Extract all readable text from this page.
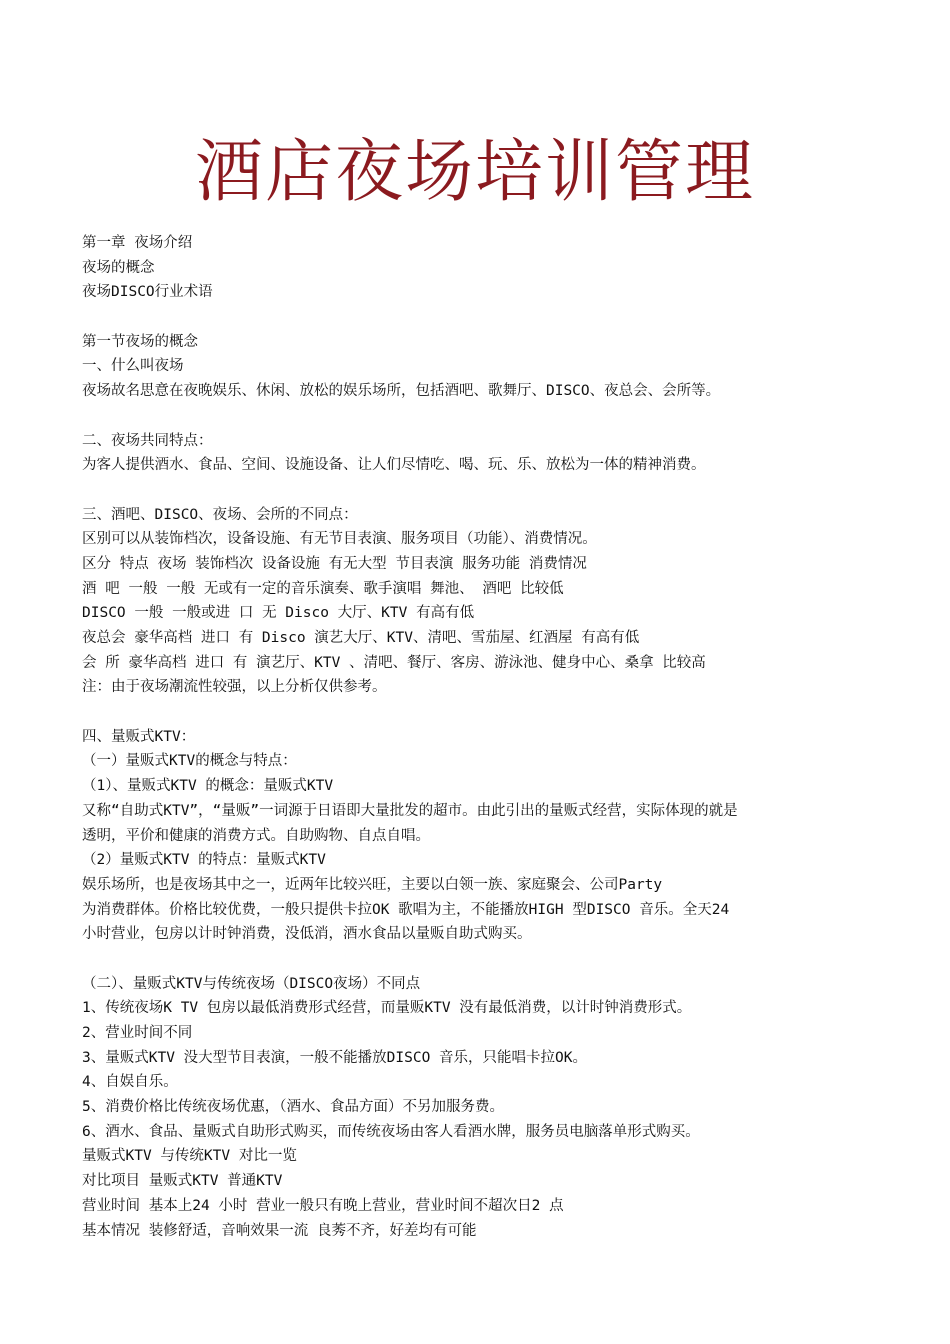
酒店夜场培训管理
第一章 夜场介绍
夜场的概念
夜场DISCO行业术语
第一节夜场的概念
一、什么叫夜场
夜场故名思意在夜晚娱乐、休闲、放松的娱乐场所，包括酒吧、歌舞厅、DISCO、夜总会、会所等。
二、夜场共同特点：
为客人提供酒水、食品、空间、设施设备、让人们尽情吃、喝、玩、乐、放松为一体的精神消费。
三、酒吧、DISCO、夜场、会所的不同点：
区别可以从装饰档次，设备设施、有无节目表演、服务项目（功能）、消费情况。
区分 特点 夜场 装饰档次 设备设施 有无大型 节目表演 服务功能 消费情况
酒 吧 一般 一般 无或有一定的音乐演奏、歌手演唱 舞池、 酒吧 比较低
DISCO 一般 一般或进 口 无 Disco 大厅、KTV 有高有低
夜总会 豪华高档 进口 有 Disco 演艺大厅、KTV、清吧、雪茄屋、红酒屋 有高有低
会 所 豪华高档 进口 有 演艺厅、KTV 、清吧、餐厅、客房、游泳池、健身中心、桑拿 比较高
注：由于夜场潮流性较强，以上分析仅供参考。
四、量贩式KTV：
（一）量贩式KTV的概念与特点：
（1）、量贩式KTV 的概念：量贩式KTV
又称“自助式KTV”，“量贩”一词源于日语即大量批发的超市。由此引出的量贩式经营，实际体现的就是
透明，平价和健康的消费方式。自助购物、自点自唱。
（2）量贩式KTV 的特点：量贩式KTV
娱乐场所，也是夜场其中之一，近两年比较兴旺，主要以白领一族、家庭聚会、公司Party
为消费群体。价格比较优费，一般只提供卡拉OK 歌唱为主，不能播放HIGH 型DISCO 音乐。全天24
小时营业，包房以计时钟消费，没低消，酒水食品以量贩自助式购买。
（二）、量贩式KTV与传统夜场（DISCO夜场）不同点
1、传统夜场K TV 包房以最低消费形式经营，而量贩KTV 没有最低消费，以计时钟消费形式。
2、营业时间不同
3、量贩式KTV 没大型节目表演，一般不能播放DISCO 音乐，只能唱卡拉OK。
4、自娱自乐。
5、消费价格比传统夜场优惠，（酒水、食品方面）不另加服务费。
6、酒水、食品、量贩式自助形式购买，而传统夜场由客人看酒水牌，服务员电脑落单形式购买。
量贩式KTV 与传统KTV 对比一览
对比项目 量贩式KTV 普通KTV
营业时间 基本上24 小时 营业一般只有晚上营业，营业时间不超次日2 点
基本情况 装修舒适，音响效果一流 良莠不齐，好差均有可能
